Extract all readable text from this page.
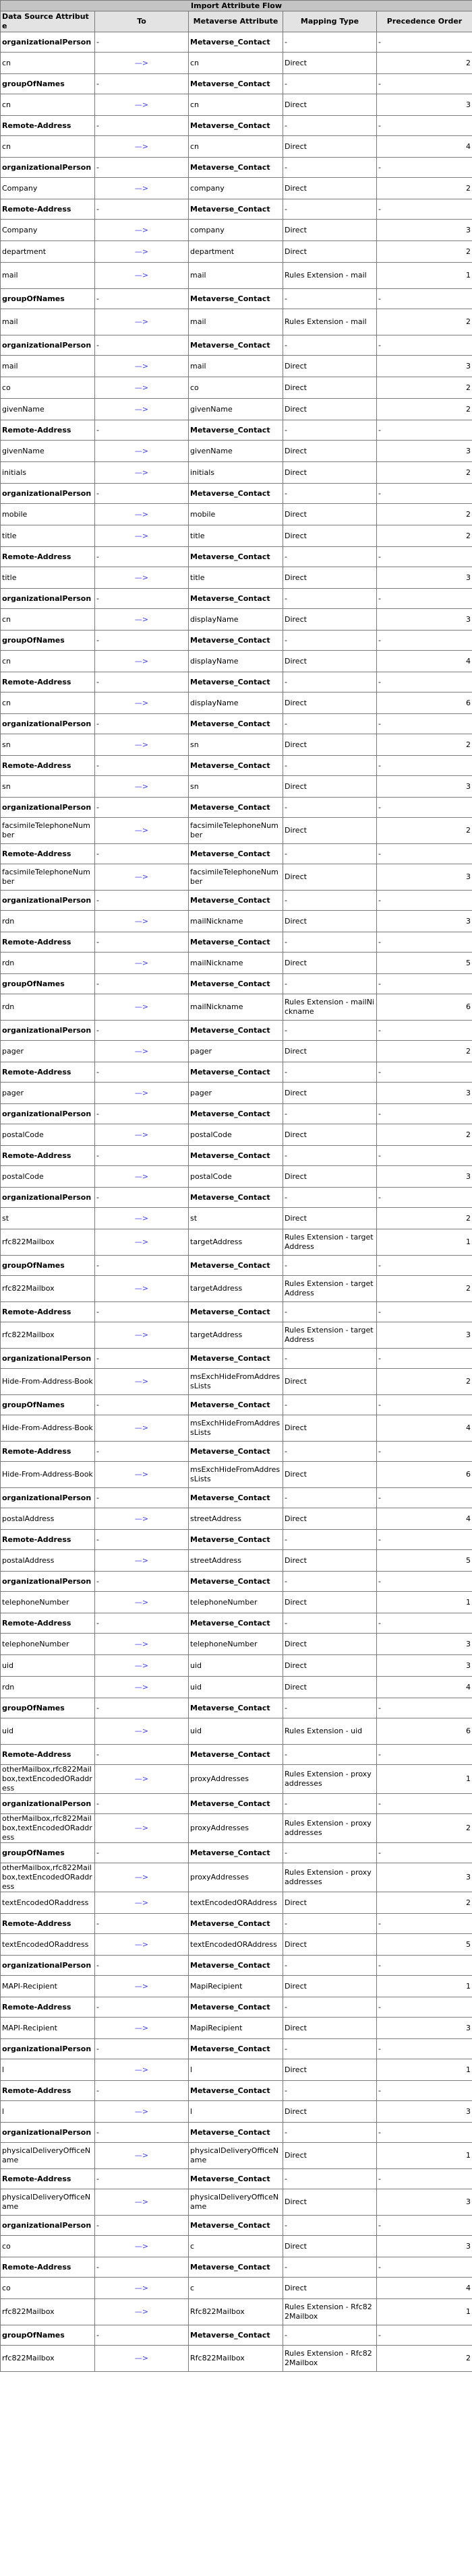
Import Attribute Flow				
Data Source Attribute	To	Metaverse Attribute	Mapping Type	Precedence Order
organizationalPerson	-	Metaverse_Contact	-	-
cn	—>	cn	Direct	2
groupOfNames	-	Metaverse_Contact	-	-
cn	—>	cn	Direct	3
Remote-Address	-	Metaverse_Contact	-	-
cn	—>	cn	Direct	4
organizationalPerson	-	Metaverse_Contact	-	-
Company	—>	company	Direct	2
Remote-Address	-	Metaverse_Contact	-	-
Company	—>	company	Direct	3
department	—>	department	Direct	2
mail	—>	mail	Rules Extension - mail	1
groupOfNames	-	Metaverse_Contact	-	-
mail	—>	mail	Rules Extension - mail	2
organizationalPerson	-	Metaverse_Contact	-	-
mail	—>	mail	Direct	3
co	—>	co	Direct	2
givenName	—>	givenName	Direct	2
Remote-Address	-	Metaverse_Contact	-	-
givenName	—>	givenName	Direct	3
initials	—>	initials	Direct	2
organizationalPerson	-	Metaverse_Contact	-	-
mobile	—>	mobile	Direct	2
title	—>	title	Direct	2
Remote-Address	-	Metaverse_Contact	-	-
title	—>	title	Direct	3
organizationalPerson	-	Metaverse_Contact	-	-
cn	—>	displayName	Direct	3
groupOfNames	-	Metaverse_Contact	-	-
cn	—>	displayName	Direct	4
Remote-Address	-	Metaverse_Contact	-	-
cn	—>	displayName	Direct	6
organizationalPerson	-	Metaverse_Contact	-	-
sn	—>	sn	Direct	2
Remote-Address	-	Metaverse_Contact	-	-
sn	—>	sn	Direct	3
organizationalPerson	-	Metaverse_Contact	-	-
facsimileTelephoneNumber	—>	facsimileTelephoneNumber	Direct	2
Remote-Address	-	Metaverse_Contact	-	-
facsimileTelephoneNumber	—>	facsimileTelephoneNumber	Direct	3
organizationalPerson	-	Metaverse_Contact	-	-
rdn	—>	mailNickname	Direct	3
Remote-Address	-	Metaverse_Contact	-	-
rdn	—>	mailNickname	Direct	5
groupOfNames	-	Metaverse_Contact	-	-
rdn	—>	mailNickname	Rules Extension - mailNickname	6
organizationalPerson	-	Metaverse_Contact	-	-
pager	—>	pager	Direct	2
Remote-Address	-	Metaverse_Contact	-	-
pager	—>	pager	Direct	3
organizationalPerson	-	Metaverse_Contact	-	-
postalCode	—>	postalCode	Direct	2
Remote-Address	-	Metaverse_Contact	-	-
postalCode	—>	postalCode	Direct	3
organizationalPerson	-	Metaverse_Contact	-	-
st	—>	st	Direct	2
rfc822Mailbox	—>	targetAddress	Rules Extension - targetAddress	1
groupOfNames	-	Metaverse_Contact	-	-
rfc822Mailbox	—>	targetAddress	Rules Extension - targetAddress	2
Remote-Address	-	Metaverse_Contact	-	-
rfc822Mailbox	—>	targetAddress	Rules Extension - targetAddress	3
organizationalPerson	-	Metaverse_Contact	-	-
Hide-From-Address-Book	—>	msExchHideFromAddressLists	Direct	2
groupOfNames	-	Metaverse_Contact	-	-
Hide-From-Address-Book	—>	msExchHideFromAddressLists	Direct	4
Remote-Address	-	Metaverse_Contact	-	-
Hide-From-Address-Book	—>	msExchHideFromAddressLists	Direct	6
organizationalPerson	-	Metaverse_Contact	-	-
postalAddress	—>	streetAddress	Direct	4
Remote-Address	-	Metaverse_Contact	-	-
postalAddress	—>	streetAddress	Direct	5
organizationalPerson	-	Metaverse_Contact	-	-
telephoneNumber	—>	telephoneNumber	Direct	1
Remote-Address	-	Metaverse_Contact	-	-
telephoneNumber	—>	telephoneNumber	Direct	3
uid	—>	uid	Direct	3
rdn	—>	uid	Direct	4
groupOfNames	-	Metaverse_Contact	-	-
uid	—>	uid	Rules Extension - uid	6
Remote-Address	-	Metaverse_Contact	-	-
otherMailbox,rfc822Mailbox,textEncodedORaddress	—>	proxyAddresses	Rules Extension - proxyaddresses	1
organizationalPerson	-	Metaverse_Contact	-	-
otherMailbox,rfc822Mailbox,textEncodedORaddress	—>	proxyAddresses	Rules Extension - proxyaddresses	2
groupOfNames	-	Metaverse_Contact	-	-
otherMailbox,rfc822Mailbox,textEncodedORaddress	—>	proxyAddresses	Rules Extension - proxyaddresses	3
textEncodedORaddress	—>	textEncodedORAddress	Direct	2
Remote-Address	-	Metaverse_Contact	-	-
textEncodedORaddress	—>	textEncodedORAddress	Direct	5
organizationalPerson	-	Metaverse_Contact	-	-
MAPI-Recipient	—>	MapiRecipient	Direct	1
Remote-Address	-	Metaverse_Contact	-	-
MAPI-Recipient	—>	MapiRecipient	Direct	3
organizationalPerson	-	Metaverse_Contact	-	-
l	—>	l	Direct	1
Remote-Address	-	Metaverse_Contact	-	-
l	—>	l	Direct	3
organizationalPerson	-	Metaverse_Contact	-	-
physicalDeliveryOfficeName	—>	physicalDeliveryOfficeName	Direct	1
Remote-Address	-	Metaverse_Contact	-	-
physicalDeliveryOfficeName	—>	physicalDeliveryOfficeName	Direct	3
organizationalPerson	-	Metaverse_Contact	-	-
co	—>	c	Direct	3
Remote-Address	-	Metaverse_Contact	-	-
co	—>	c	Direct	4
rfc822Mailbox	—>	Rfc822Mailbox	Rules Extension - Rfc822Mailbox	1
groupOfNames	-	Metaverse_Contact	-	-
rfc822Mailbox	—>	Rfc822Mailbox	Rules Extension - Rfc822Mailbox	2
